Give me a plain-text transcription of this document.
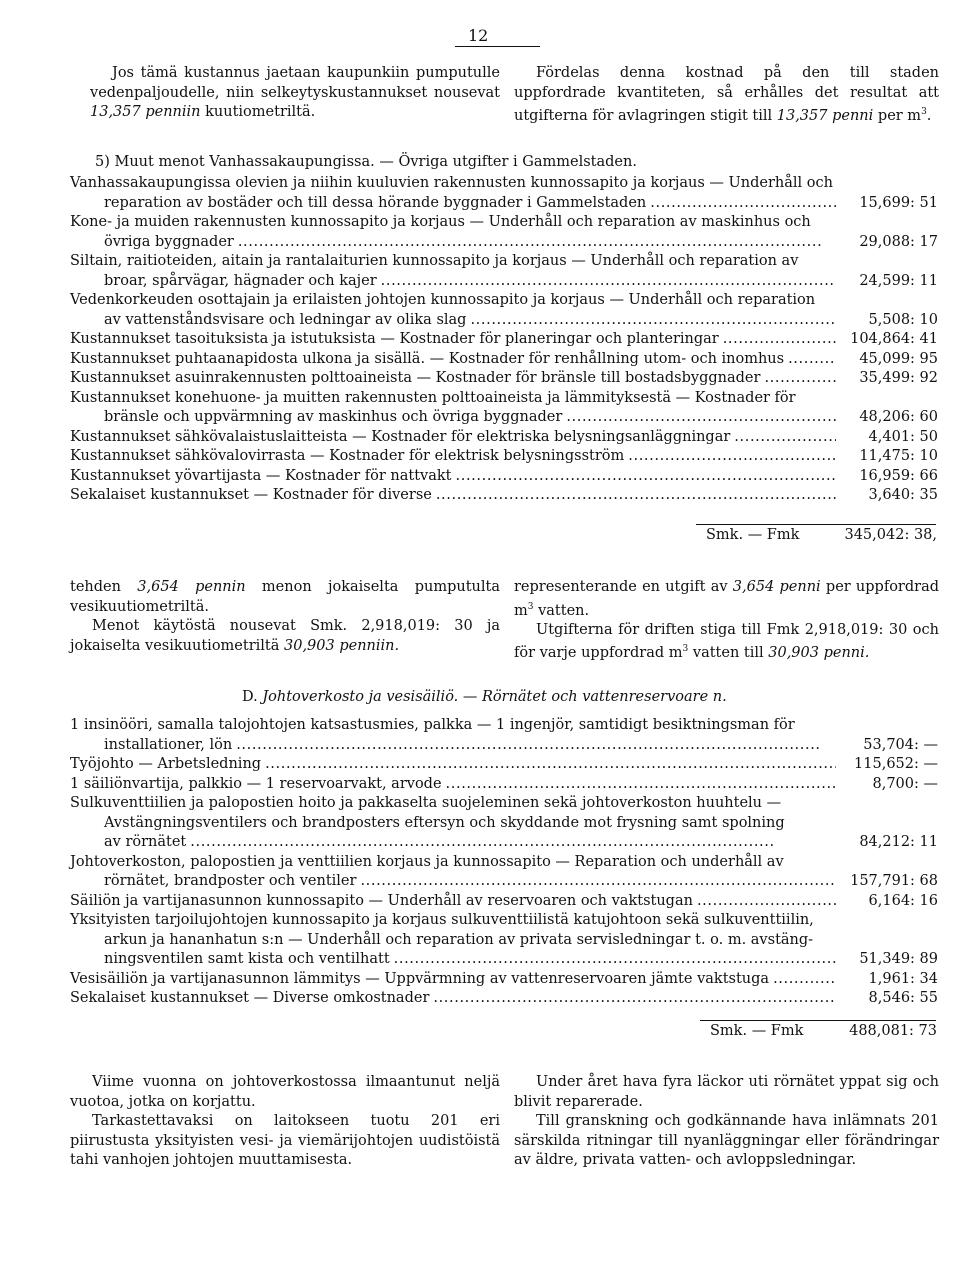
12

Jos tämä kustannus jaetaan kaupunkiin pumputulle vedenpaljoudelle, niin selkeytyskustannukset nousevat 13,357 penniin kuutiometriltä.

Fördelas denna kostnad på den till staden uppfordrade kvantiteten, så erhålles det resultat att utgifterna för avlagringen stigit till 13,357 penni per $m^3$.

5) Muut menot Vanhassakaupungissa. — Övriga utgifter i Gammelstaden.
Vanhassakaupungissa olevien ja niihin kuuluvien rakennusten kunnossapito ja korjaus — Underhåll och
reparation av bostäder och till dessa hörande byggnader i Gammelstaden . . .	15,699: 51
Kone- ja muiden rakennusten kunnossapito ja korjaus — Underhåll och reparation av maskinhus och
övriga byggnader . . .	29,088: 17
Siltain, raitioteiden, aitain ja rantalaiturien kunnossapito ja korjaus — Underhåll och reparation av
broar, spårvägar, hägnader och kajer . . .	24,599: 11
Vedenkorkeuden osottajain ja erilaisten johtojen kunnossapito ja korjaus — Underhåll och reparation
av vattenståndsvisare och ledningar av olika slag . . .	5,508: 10
Kustannukset tasoituksista ja istutuksista — Kostnader för planeringar och planteringar . . .	104,864: 41
Kustannukset puhtaanapidosta ulkona ja sisällä. — Kostnader för renhållning utom- och inomhus . . .	45,099: 95
Kustannukset asuinrakennusten polttoaineista — Kostnader för bränsle till bostadsbyggnader . . .	35,499: 92
Kustannukset konehuone- ja muitten rakennusten polttoaineista ja lämmityksestä — Kostnader för
bränsle och uppvärmning av maskinhus och övriga byggnader . . .	48,206: 60
Kustannukset sähkövalaistuslaitteista — Kostnader för elektriska belysningsanläggningar . . .	4,401: 50
Kustannukset sähkövalovirrasta — Kostnader för elektrisk belysningsström . . .	11,475: 10
Kustannukset yövartijasta — Kostnader för nattvakt . . .	16,959: 66
Sekalaiset kustannukset — Kostnader för diverse . . .	3,640: 35
Smk. — Fmk	345,042: 38,

tehden 3,654 pennin menon jokaiselta pumputulta vesikuutiometriltä.

Menot käytöstä nousevat Smk. 2,918,019: 30 ja jokaiselta vesikuutiometriltä 30,903 penniin.

representerande en utgift av 3,654 penni per uppfordrad $m^3$ vatten.

Utgifterna för driften stiga till Fmk 2,918,019: 30 och för varje uppfordrad $m^3$ vatten till 30,903 penni.

D. Johtoverkosto ja vesisäiliö. — Rörnätet och vattenreservoare n.
1 insinööri, samalla talojohtojen katsastusmies, palkka — 1 ingenjör, samtidigt besiktningsman för
installationer, lön . . .	53,704: —
Työjohto — Arbetsledning . . .	115,652: —
1 säiliönvartija, palkkio — 1 reservoarvakt, arvode . . .	8,700: —
Sulkuventtiilien ja palopostien hoito ja pakkaselta suojeleminen sekä johtoverkoston huuhtelu —
Avstängningsventilers och brandposters eftersyn och skyddande mot frysning samt spolning
av rörnätet . . .	84,212: 11
Johtoverkoston, palopostien ja venttiilien korjaus ja kunnossapito — Reparation och underhåll av
rörnätet, brandposter och ventiler . . .	157,791: 68
Säiliön ja vartijanasunnon kunnossapito — Underhåll av reservoaren och vaktstugan . . .	6,164: 16
Yksityisten tarjoilujohtojen kunnossapito ja korjaus sulkuventtiilistä katujohtoon sekä sulkuventtiilin,
arkun ja hananhatun s:n — Underhåll och reparation av privata servisledningar t. o. m. avstäng-
ningsventilen samt kista och ventilhatt . . .	51,349: 89
Vesisäiliön ja vartijanasunnon lämmitys — Uppvärmning av vattenreservoaren jämte vaktstuga . . .	1,961: 34
Sekalaiset kustannukset — Diverse omkostnader . . .	8,546: 55
Smk. — Fmk	488,081: 73

Viime vuonna on johtoverkostossa ilmaantunut neljä vuotoa, jotka on korjattu.

Tarkastettavaksi on laitokseen tuotu 201 eri piirustusta yksityisten vesi- ja viemärijohtojen uudistöistä tahi vanhojen johtojen muuttamisesta.

Under året hava fyra läckor uti rörnätet yppat sig och blivit reparerade.

Till granskning och godkännande hava inlämnats 201 särskilda ritningar till nyanläggningar eller förändringar av äldre, privata vatten- och avloppsledningar.
